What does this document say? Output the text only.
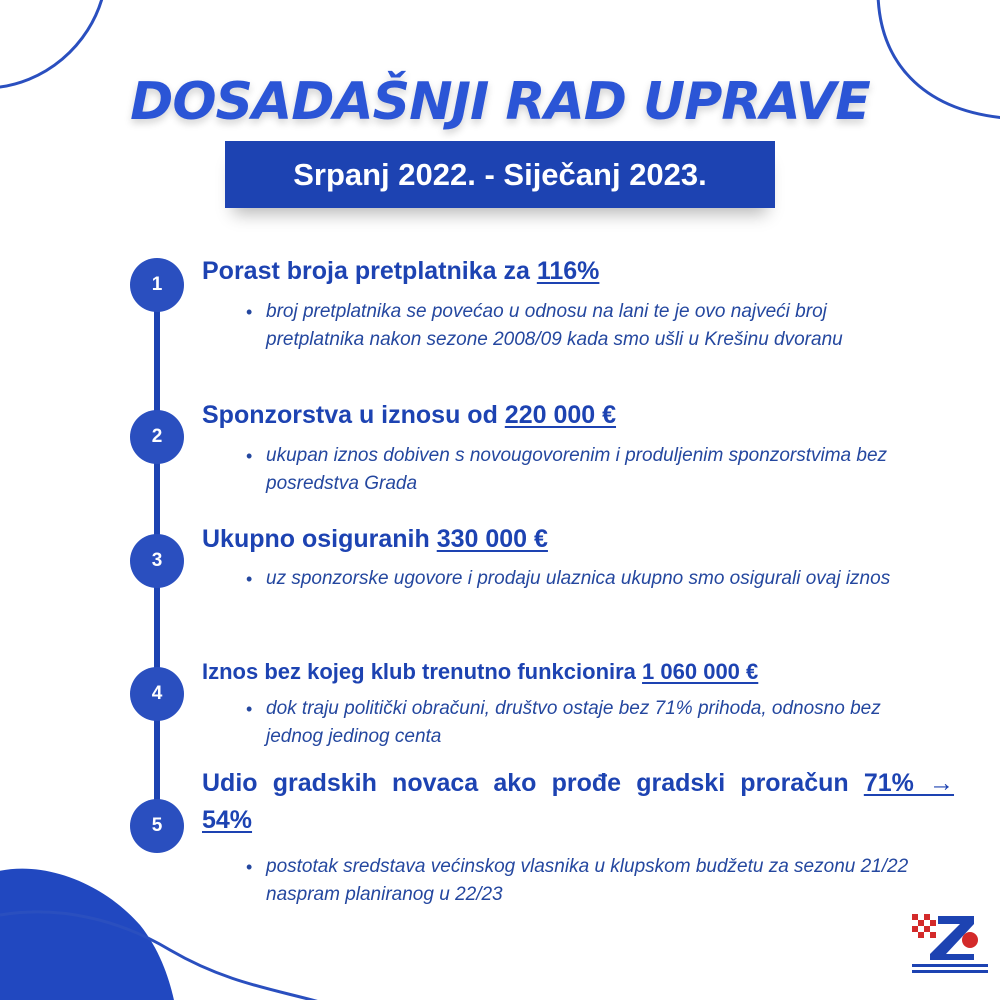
DOSADAŠNJI RAD UPRAVE
Srpanj 2022. - Siječanj 2023.
1	Porast broja pretplatnika za 116%
• broj pretplatnika se povećao u odnosu na lani te je ovo najveći broj pretplatnika nakon sezone 2008/09 kada smo ušli u Krešinu dvoranu
2
Sponzorstva u iznosu od 220 000 €
• ukupan iznos dobiven s novougovorenim i produljenim sponzorstvima bez posredstva Grada
3
Ukupno osiguranih 330 000 €
• uz sponzorske ugovore i prodaju ulaznica ukupno smo osigurali ovaj iznos
4
Iznos bez kojeg klub trenutno funkcionira 1 060 000 €
• dok traju politički obračuni, društvo ostaje bez 71% prihoda, odnosno bez jednog jedinog centa
5
Udio gradskih novaca ako prođe gradski proračun 71% → 54%
• postotak sredstava većinskog vlasnika u klupskom budžetu za sezonu 21/22 naspram planiranog u 22/23
